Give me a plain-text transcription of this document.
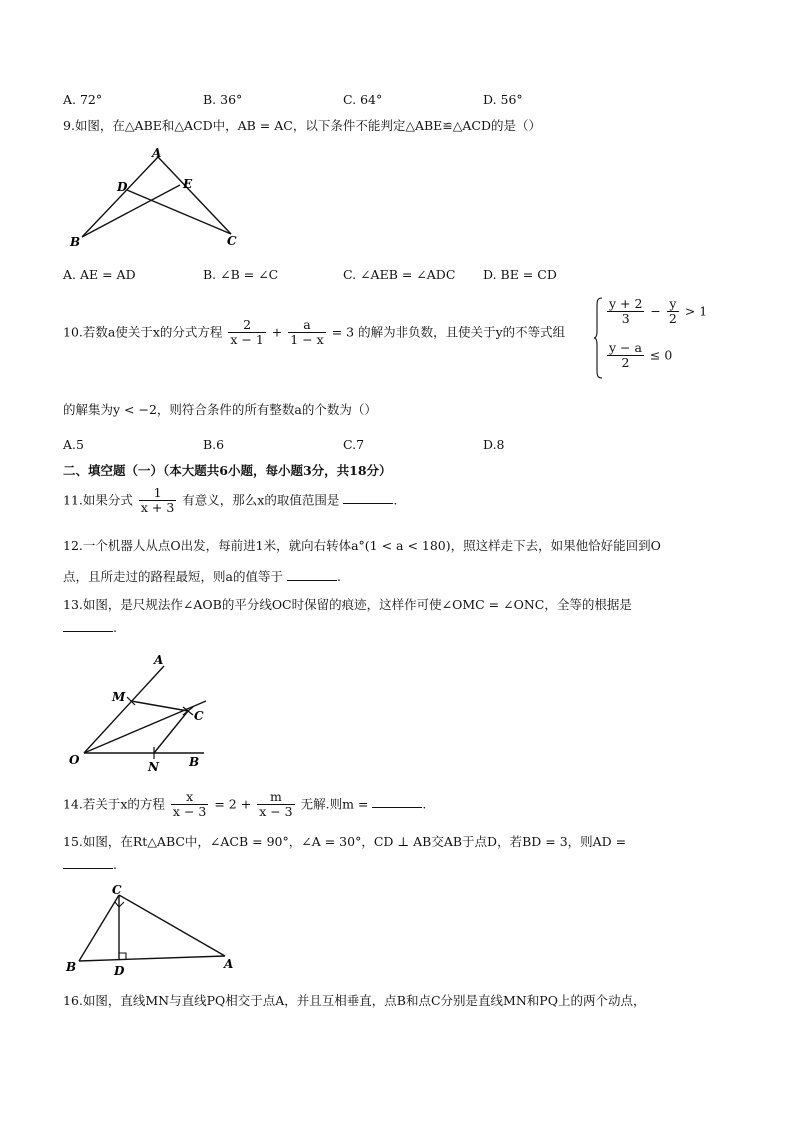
A. 72°	B. 36°	C. 64°	D. 56°
9.如图，在△ABE和△ACD中，AB = AC，以下条件不能判定△ABE≌△ACD的是（）
A
D	E
B	C
A. AE = AD	B. ∠B = ∠C	C. ∠AEB = ∠ADC D. BE = CD
10.若数a使关于x的分式方程 $\frac{2}{x - 1} + \frac{a}{1 - x} = 3$ 的解为非负数，且使关于y的不等式组
$\frac{y + 2}{3} - \frac{y}{2} > 1$
$\frac{y - a}{2} \le 0$
的解集为y < −2，则符合条件的所有整数a的个数为（）
A.5	B.6	C.7	D.8
二、填空题（一）（本大题共6小题，每小题3分，共18分）
11.如果分式 $\frac{1}{x + 3}$ 有意义，那么x的取值范围是	.
12.一个机器人从点O出发，每前进1米，就向右转体a°(1 < a < 180)，照这样走下去，如果他恰好能回到O
点，且所走过的路程最短，则a的值等于	.
13.如图，是尺规法作∠AOB的平分线OC时保留的痕迹，这样作可使∠OMC = ∠ONC，全等的根据是
.
A
M
C
O	N	B
14.若关于x的方程 $\frac{x}{x - 3} = 2 + \frac{m}{x - 3}$ 无解.则m =	.
15.如图，在Rt△ABC中，∠ACB = 90°，∠A = 30°，CD ⊥ AB交AB于点D，若BD = 3，则AD =
.
C
B	D	A
16.如图，直线MN与直线PQ相交于点A，并且互相垂直，点B和点C分别是直线MN和PQ上的两个动点，
